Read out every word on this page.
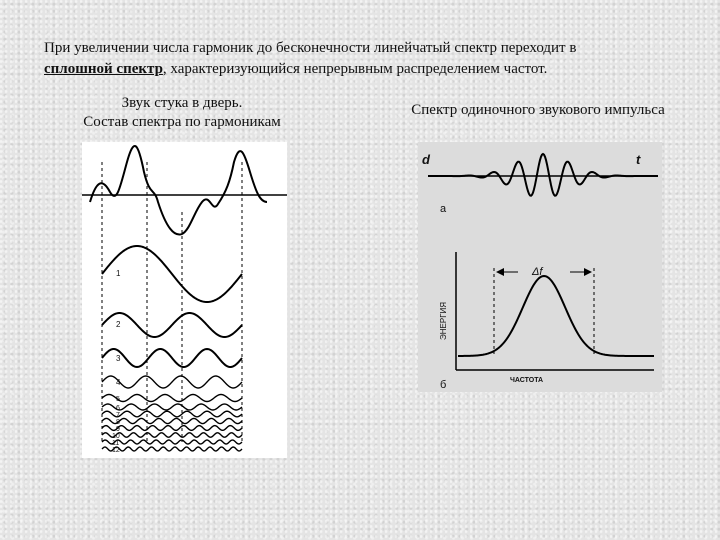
При увеличении числа гармоник до бесконечности линейчатый спектр переходит в
сплошной спектр, характеризующийся непрерывным распределением частот.

Звук стука в дверь.
Состав спектра по гармоникам
Спектр одиночного звукового импульса
1
2
3
4
5
6
7
8
9
10
11
12
d	t
a
Δf
ЭНЕРГИЯ
ЧАСТОТА
б
